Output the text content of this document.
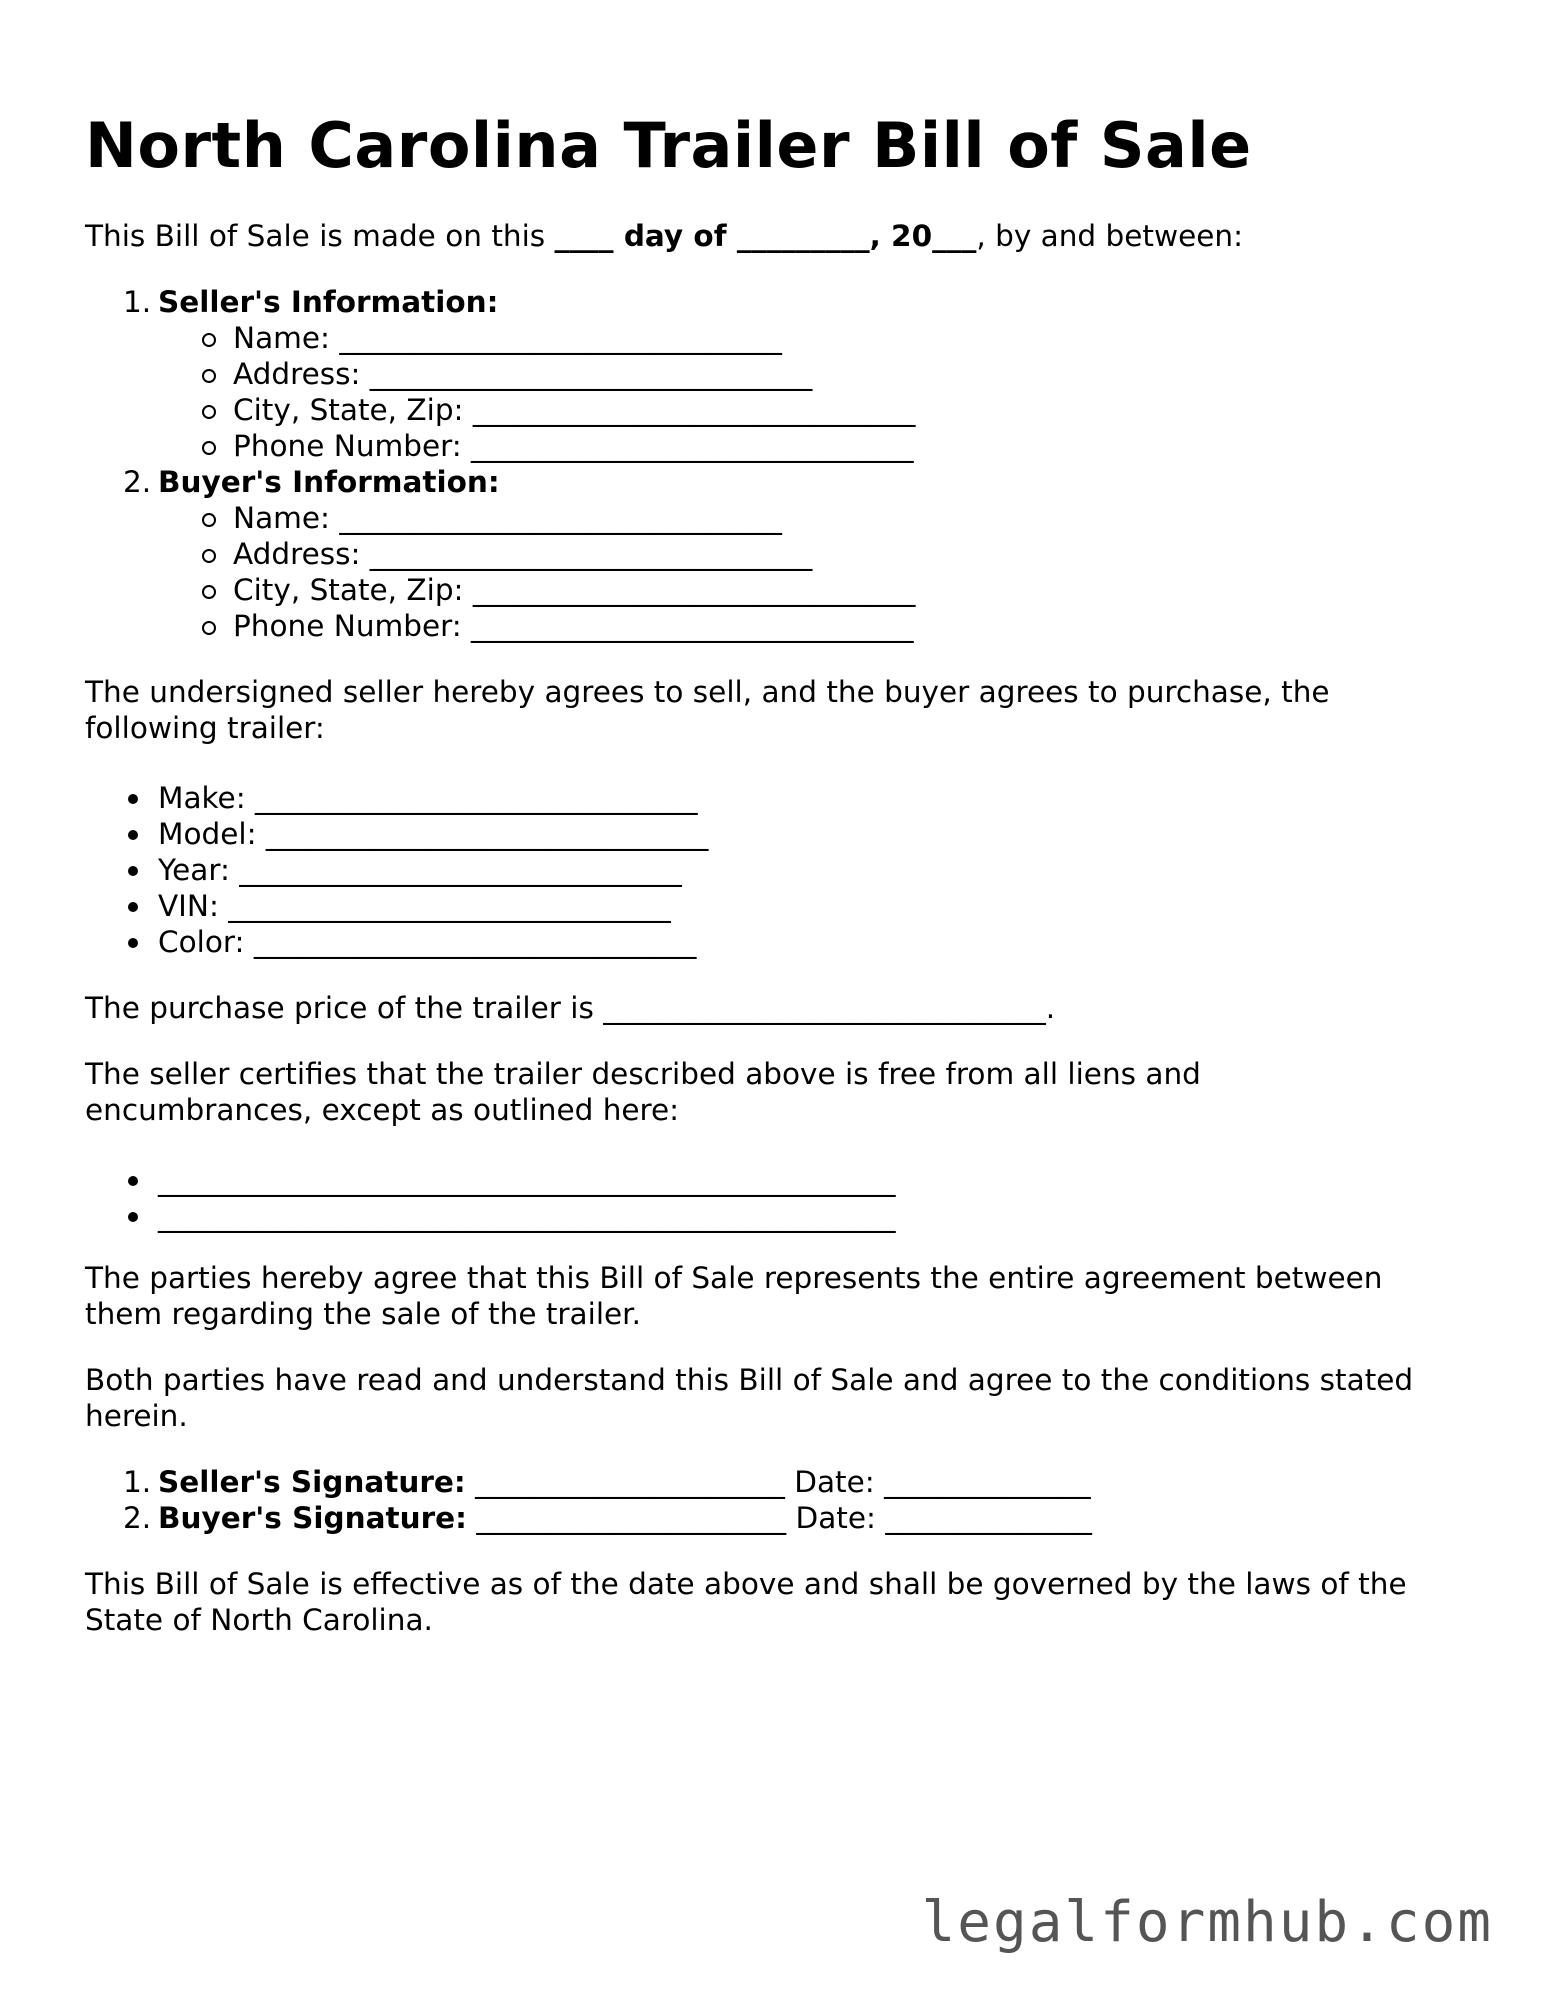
North Carolina Trailer Bill of Sale

This Bill of Sale is made on this ____ day of _________, 20___, by and between:

1. Seller's Information:
Name: ______________________________
Address: ______________________________
City, State, Zip: ______________________________
Phone Number: ______________________________
2. Buyer's Information:
Name: ______________________________
Address: ______________________________
City, State, Zip: ______________________________
Phone Number: ______________________________

The undersigned seller hereby agrees to sell, and the buyer agrees to purchase, the

following trailer:

Make: ______________________________
Model: ______________________________
Year: ______________________________
VIN: ______________________________
Color: ______________________________

The purchase price of the trailer is ______________________________.

The seller certifies that the trailer described above is free from all liens and

encumbrances, except as outlined here:

__________________________________________________
__________________________________________________

The parties hereby agree that this Bill of Sale represents the entire agreement between

them regarding the sale of the trailer.

Both parties have read and understand this Bill of Sale and agree to the conditions stated

herein.

1. Seller's Signature: _____________________ Date: ______________

2. Buyer's Signature: _____________________ Date: ______________

This Bill of Sale is effective as of the date above and shall be governed by the laws of the

State of North Carolina.

legalformhub.com
